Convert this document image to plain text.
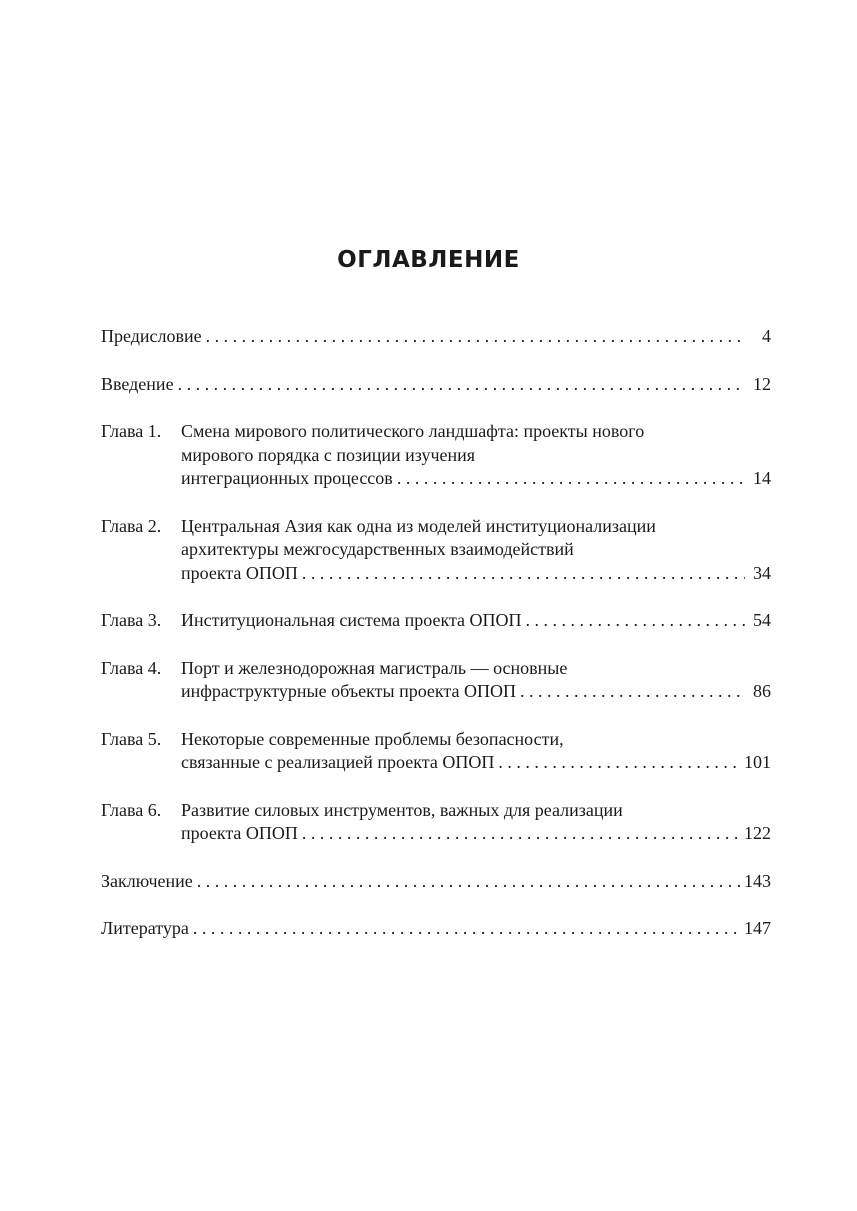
ОГЛАВЛЕНИЕ
Предисловие . . .	4
Введение . . .	12
Глава 1.	Смена мирового политического ландшафта: проекты нового
мирового порядка с позиции изучения
интеграционных процессов . . .	14
Глава 2.	Центральная Азия как одна из моделей институционализации
архитектуры межгосударственных взаимодействий
проекта ОПОП . . .	34
Глава 3.	Институциональная система проекта ОПОП . . .	54
Глава 4.	Порт и железнодорожная магистраль — основные
инфраструктурные объекты проекта ОПОП . . .	86
Глава 5.	Некоторые современные проблемы безопасности,
связанные с реализацией проекта ОПОП . . .	101
Глава 6.	Развитие силовых инструментов, важных для реализации
проекта ОПОП . . .	122
Заключение . . .	143
Литература . . .	147
